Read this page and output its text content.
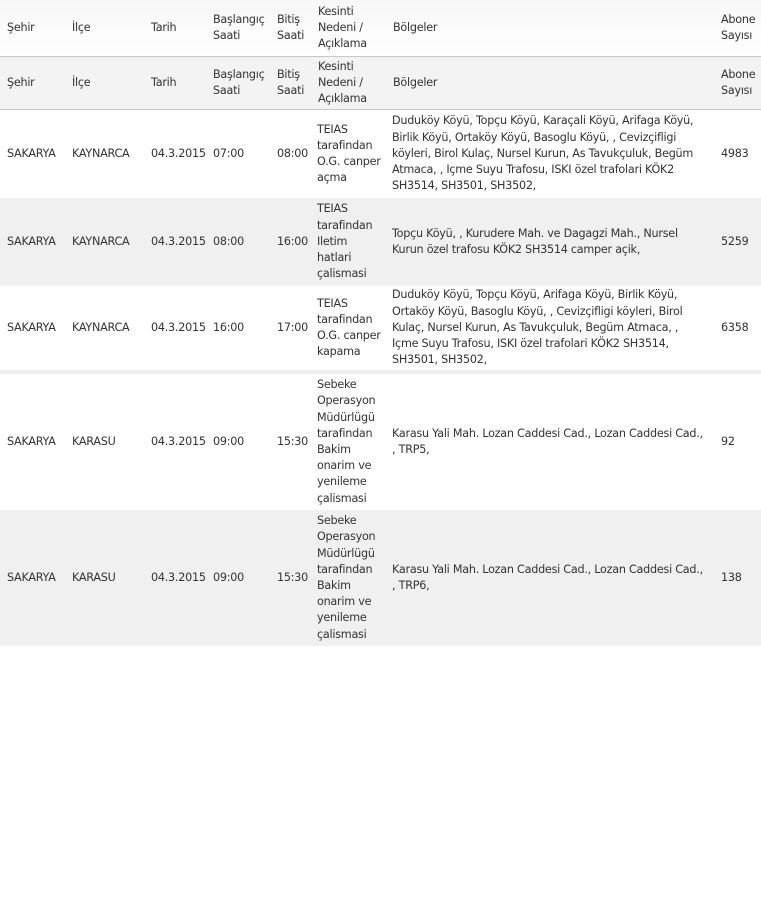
Şehir	İlçe	Tarih	Başlangıç Saati	Bitiş Saati	Kesinti Nedeni / Açıklama	Bölgeler	Abone Sayısı
Şehir	İlçe	Tarih	Başlangıç Saati	Bitiş Saati	Kesinti Nedeni / Açıklama	Bölgeler	Abone Sayısı
SAKARYA	KAYNARCA	04.3.2015	07:00	08:00	TEIAS tarafindan O.G. canper açma	Duduköy Köyü, Topçu Köyü, Karaçali Köyü, Arifaga Köyü, Birlik Köyü, Ortaköy Köyü, Basoglu Köyü, , Cevizçifligi köyleri, Birol Kulaç, Nursel Kurun, As Tavukçuluk, Begüm Atmaca, , Içme Suyu Trafosu, ISKI özel trafolari KÖK2 SH3514, SH3501, SH3502,	4983
SAKARYA	KAYNARCA	04.3.2015	08:00	16:00	TEIAS tarafindan Iletim hatlari çalismasi	Topçu Köyü, , Kurudere Mah. ve Dagagzi Mah., Nursel Kurun özel trafosu KÖK2 SH3514 camper açik,	5259
SAKARYA	KAYNARCA	04.3.2015	16:00	17:00	TEIAS tarafindan O.G. canper kapama	Duduköy Köyü, Topçu Köyü, Arifaga Köyü, Birlik Köyü, Ortaköy Köyü, Basoglu Köyü, , Cevizçifligi köyleri, Birol Kulaç, Nursel Kurun, As Tavukçuluk, Begüm Atmaca, , Içme Suyu Trafosu, ISKI özel trafolari KÖK2 SH3514, SH3501, SH3502,	6358
SAKARYA	KARASU	04.3.2015	09:00	15:30	Sebeke Operasyon Müdürlügü tarafindan Bakim onarim ve yenileme çalismasi	Karasu Yali Mah. Lozan Caddesi Cad., Lozan Caddesi Cad., , TRP5,	92
SAKARYA	KARASU	04.3.2015	09:00	15:30	Sebeke Operasyon Müdürlügü tarafindan Bakim onarim ve yenileme çalismasi	Karasu Yali Mah. Lozan Caddesi Cad., Lozan Caddesi Cad., , TRP6,	138
